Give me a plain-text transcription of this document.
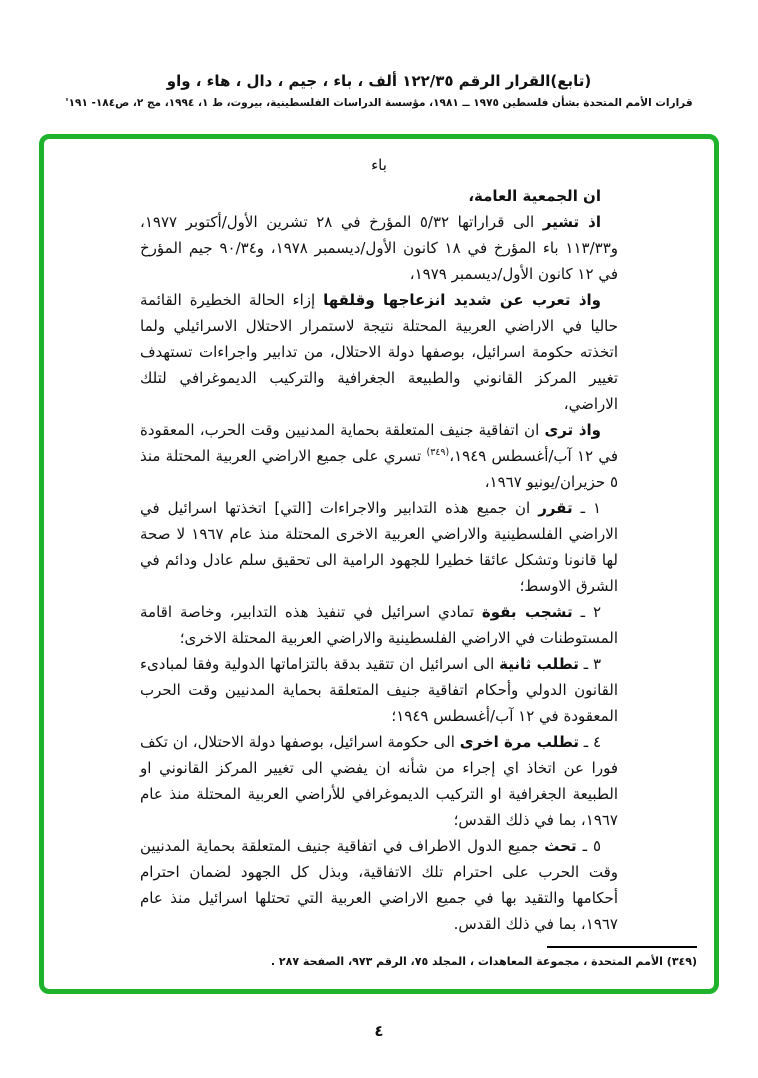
(تابع)القرار الرقم ١٢٢/٣٥ ألف ، باء ، جيم ، دال ، هاء ، واو
قرارات الأمم المتحدة بشأن فلسطين ١٩٧٥ ــ ١٩٨١، مؤسسة الدراسات الفلسطينية، بيروت، ط ١، ١٩٩٤، مج ٢، ص١٨٤- ١٩١'
باء

ان الجمعية العامة،

اذ تشير الى قراراتها ٥/٣٢ المؤرخ في ٢٨ تشرين الأول/أكتوبر ١٩٧٧، و١١٣/٣٣ باء المؤرخ في ١٨ كانون الأول/ديسمبر ١٩٧٨، و٩٠/٣٤ جيم المؤرخ في ١٢ كانون الأول/ديسمبر ١٩٧٩،

واذ تعرب عن شديد انزعاجها وقلقها إزاء الحالة الخطيرة القائمة حاليا في الاراضي العربية المحتلة نتيجة لاستمرار الاحتلال الاسرائيلي ولما اتخذته حكومة اسرائيل، بوصفها دولة الاحتلال، من تدابير واجراءات تستهدف تغيير المركز القانوني والطبيعة الجغرافية والتركيب الديموغرافي لتلك الاراضي،

واذ ترى ان اتفاقية جنيف المتعلقة بحماية المدنيين وقت الحرب، المعقودة في ١٢ آب/أغسطس ١٩٤٩،$^{(٣٤٩)}$ تسري على جميع الاراضي العربية المحتلة منذ ٥ حزيران/يونيو ١٩٦٧،

١ ـ تقرر ان جميع هذه التدابير والاجراءات [التي] اتخذتها اسرائيل في الاراضي الفلسطينية والاراضي العربية الاخرى المحتلة منذ عام ١٩٦٧ لا صحة لها قانونا وتشكل عائقا خطيرا للجهود الرامية الى تحقيق سلم عادل ودائم في الشرق الاوسط؛

٢ ـ تشجب بقوة تمادي اسرائيل في تنفيذ هذه التدابير، وخاصة اقامة المستوطنات في الاراضي الفلسطينية والاراضي العربية المحتلة الاخرى؛

٣ ـ تطلب ثانية الى اسرائيل ان تتقيد بدقة بالتزاماتها الدولية وفقا لمبادىء القانون الدولي وأحكام اتفاقية جنيف المتعلقة بحماية المدنيين وقت الحرب المعقودة في ١٢ آب/أغسطس ١٩٤٩؛

٤ ـ تطلب مرة اخرى الى حكومة اسرائيل، بوصفها دولة الاحتلال، ان تكف فورا عن اتخاذ اي إجراء من شأنه ان يفضي الى تغيير المركز القانوني او الطبيعة الجغرافية او التركيب الديموغرافي للأراضي العربية المحتلة منذ عام ١٩٦٧، بما في ذلك القدس؛

٥ ـ تحث جميع الدول الاطراف في اتفاقية جنيف المتعلقة بحماية المدنيين وقت الحرب على احترام تلك الاتفاقية، وبذل كل الجهود لضمان احترام أحكامها والتقيد بها في جميع الاراضي العربية التي تحتلها اسرائيل منذ عام ١٩٦٧، بما في ذلك القدس.

(٣٤٩) الأمم المتحدة ، مجموعة المعاهدات ، المجلد ٧٥، الرقم ٩٧٣، الصفحة ٢٨٧ .
٤
